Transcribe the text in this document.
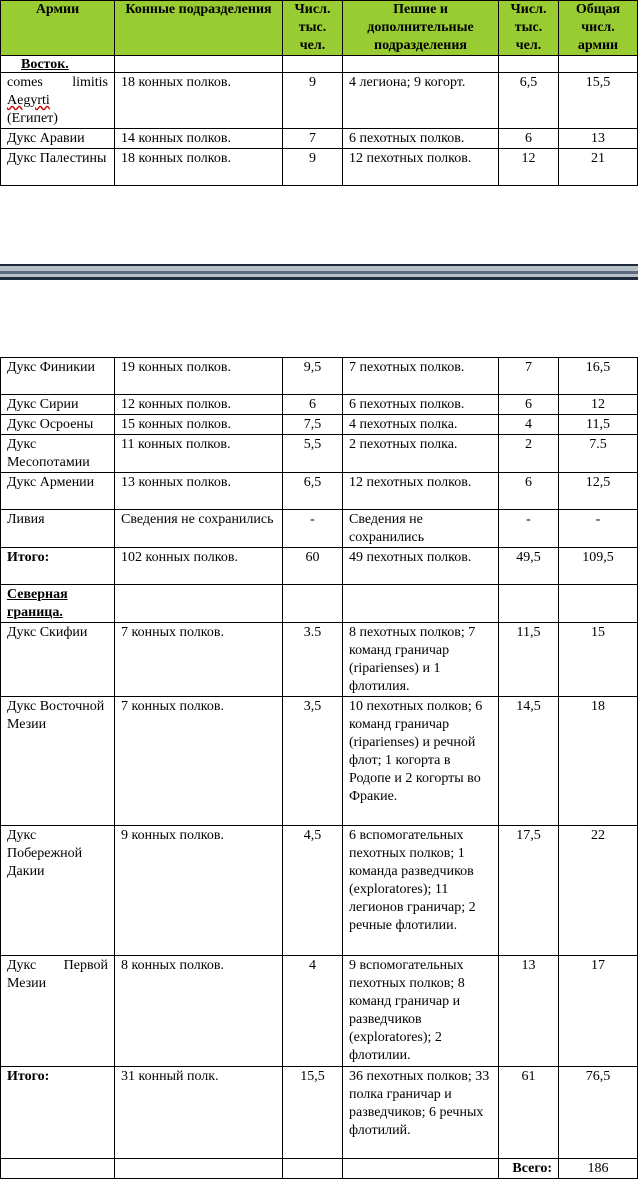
Армии	Конные подразделения	Числ. тыс. чел.	Пешие и дополнительные подразделения	Числ. тыс. чел.	Общая числ. армии
Восток.					

comes limitis
Aegyrti
(Египет)	18 конных полков.	9	4 легиона; 9 когорт.	6,5	15,5
Дукс Аравии	14 конных полков.	7	6 пехотных полков.	6	13
Дукс Палестины	18 конных полков.	9	12 пехотных полков.	12	21
Дукс Финикии	19 конных полков.	9,5	7 пехотных полков.	7	16,5
Дукс Сирии	12 конных полков.	6	6 пехотных полков.	6	12
Дукс Осроены	15 конных полков.	7,5	4 пехотных полка.	4	11,5
Дукс Месопотамии	11 конных полков.	5,5	2 пехотных полка.	2	7.5
Дукс Армении	13 конных полков.	6,5	12 пехотных полков.	6	12,5
Ливия	Сведения не сохранились	-	Сведения не сохранились	-	-
Итого:	102 конных полков.	60	49 пехотных полков.	49,5	109,5
Северная граница.					
Дукс Скифии	7 конных полков.	3.5	8 пехотных полков; 7 команд граничар (riparienses) и 1 флотилия.	11,5	15
Дукс Восточной Мезии	7 конных полков.	3,5	10 пехотных полков; 6 команд граничар (riparienses) и речной флот; 1 когорта в Родопе и 2 когорты во Фракие.	14,5	18
Дукс Побережной Дакии	9 конных полков.	4,5	6 вспомогательных пехотных полков; 1 команда разведчиков (exploratores); 11 легионов граничар; 2 речные флотилии.	17,5	22

Дукс Первой
Мезии	8 конных полков.	4	9 вспомогательных пехотных полков; 8 команд граничар и разведчиков (exploratores); 2 флотилии.	13	17
Итого:	31 конный полк.	15,5	36 пехотных полков; 33 полка граничар и разведчиков; 6 речных флотилий.	61	76,5
				Всего:	186
